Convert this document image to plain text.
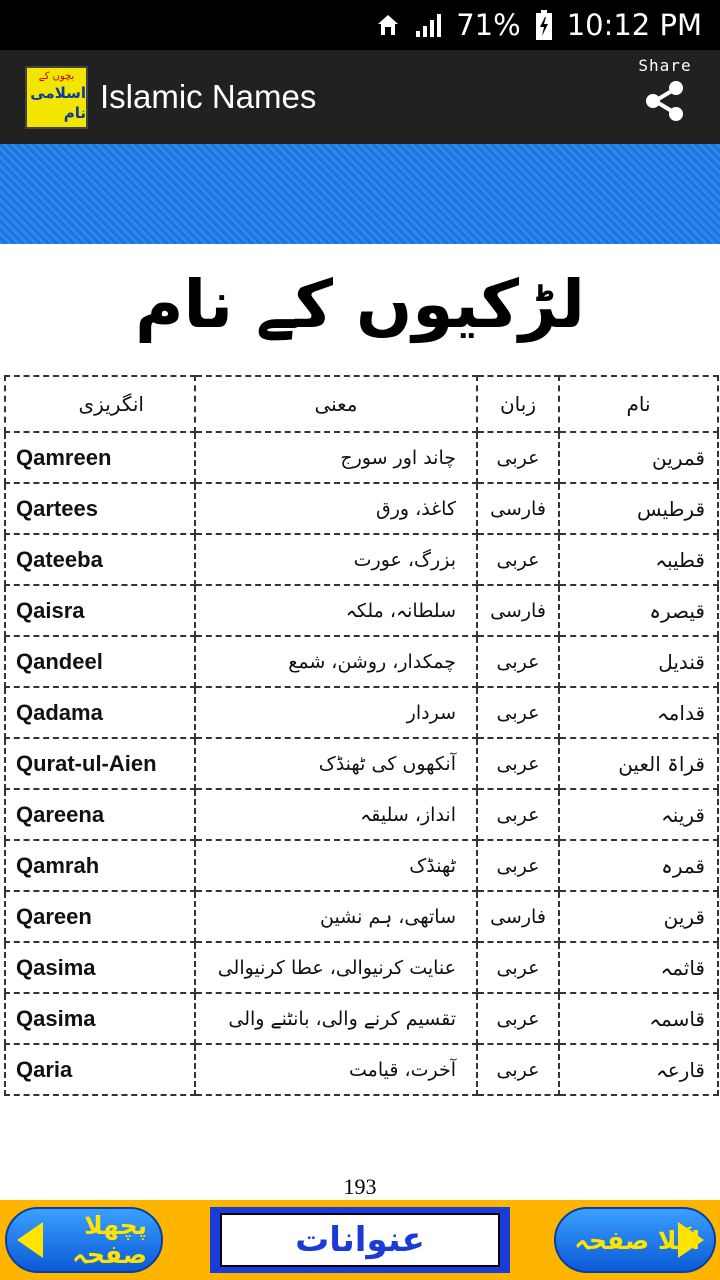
71% 10:12 PM
بچوں کے
اسلامی نام Islamic Names
Share
لڑکیوں کے نام
انگریزی	معنی	زبان	نام
Qamreen	چاند اور سورج	عربی	قمرین
Qartees	کاغذ، ورق	فارسی	قرطیس
Qateeba	بزرگ، عورت	عربی	قطیبہ
Qaisra	سلطانہ، ملکہ	فارسی	قیصرہ
Qandeel	چمکدار، روشن، شمع	عربی	قندیل
Qadama	سردار	عربی	قدامہ
Qurat-ul-Aien	آنکھوں کی ٹھنڈک	عربی	قراۃ العین
Qareena	انداز، سلیقہ	عربی	قرینہ
Qamrah	ٹھنڈک	عربی	قمرہ
Qareen	ساتھی، ہم نشین	فارسی	قرین
Qasima	عنایت کرنیوالی، عطا کرنیوالی	عربی	قاثمہ
Qasima	تقسیم کرنے والی، بانٹنے والی	عربی	قاسمہ
Qaria	آخرت، قیامت	عربی	قارعہ
193
پچھلا صفحہ	عنوانات	اگلا صفحہ
